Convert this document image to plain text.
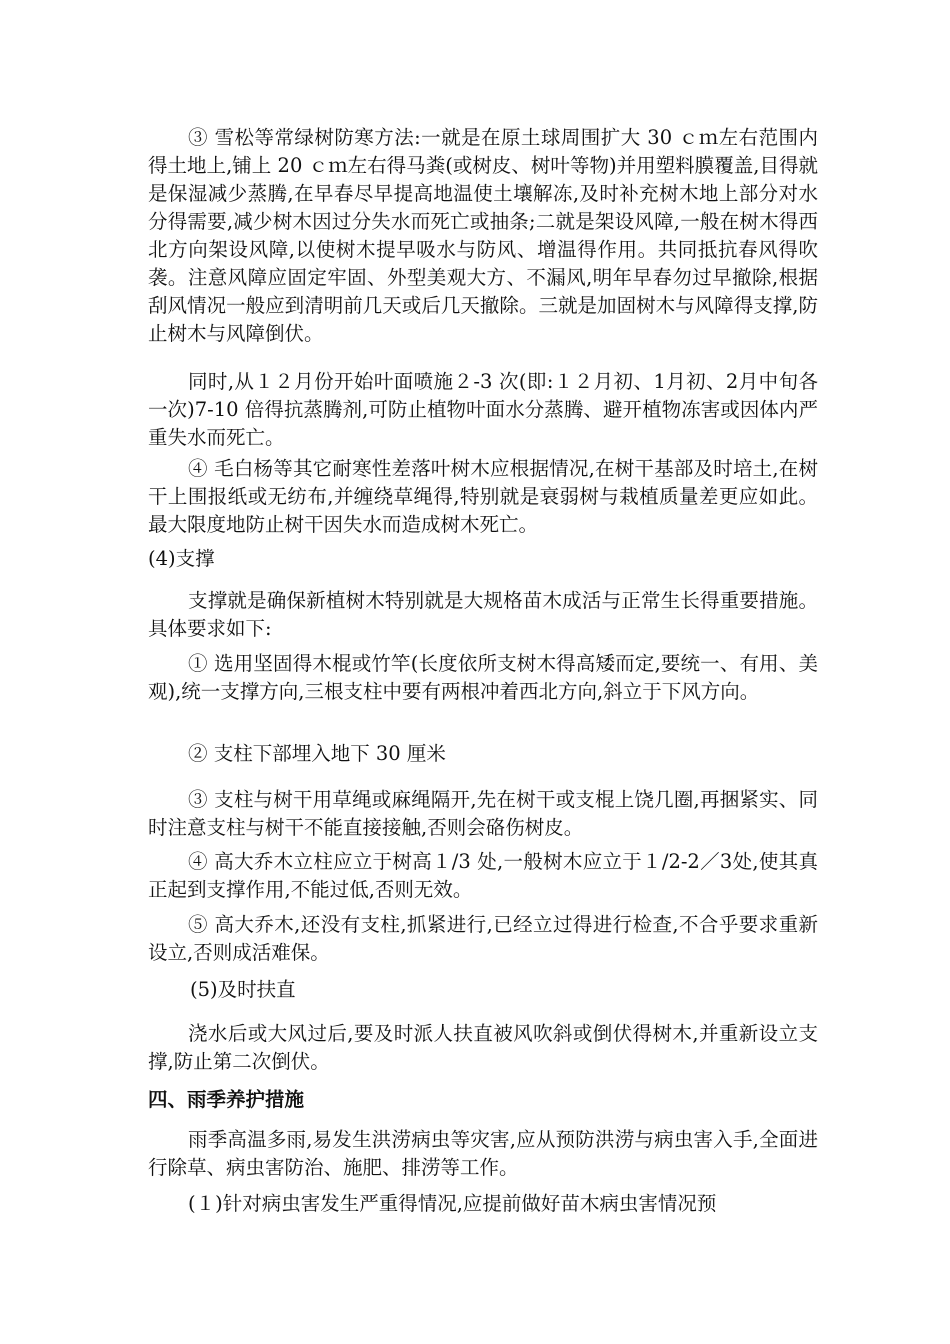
③ 雪松等常绿树防寒方法:一就是在原土球周围扩大 30 ｃｍ左右范围内得土地上,铺上 20 ｃｍ左右得马粪(或树皮、树叶等物)并用塑料膜覆盖,目得就是保湿减少蒸腾,在早春尽早提高地温使土壤解冻,及时补充树木地上部分对水分得需要,减少树木因过分失水而死亡或抽条;二就是架设风障,一般在树木得西北方向架设风障,以使树木提早吸水与防风、增温得作用。共同抵抗春风得吹袭。注意风障应固定牢固、外型美观大方、不漏风,明年早春勿过早撤除,根据刮风情况一般应到清明前几天或后几天撤除。三就是加固树木与风障得支撑,防止树木与风障倒伏。

同时,从１２月份开始叶面喷施２-3 次(即:１２月初、1月初、2月中旬各一次)7-10 倍得抗蒸腾剂,可防止植物叶面水分蒸腾、避开植物冻害或因体内严重失水而死亡。

④ 毛白杨等其它耐寒性差落叶树木应根据情况,在树干基部及时培土,在树干上围报纸或无纺布,并缠绕草绳得,特别就是衰弱树与栽植质量差更应如此。最大限度地防止树干因失水而造成树木死亡。

(4)支撑

支撑就是确保新植树木特别就是大规格苗木成活与正常生长得重要措施。具体要求如下:

① 选用坚固得木棍或竹竿(长度依所支树木得高矮而定,要统一、有用、美观),统一支撑方向,三根支柱中要有两根冲着西北方向,斜立于下风方向。

② 支柱下部埋入地下 30 厘米

③ 支柱与树干用草绳或麻绳隔开,先在树干或支棍上饶几圈,再捆紧实、同时注意支柱与树干不能直接接触,否则会硌伤树皮。

④ 高大乔木立柱应立于树高１/3 处,一般树木应立于１/2-2／3处,使其真正起到支撑作用,不能过低,否则无效。

⑤ 高大乔木,还没有支柱,抓紧进行,已经立过得进行检查,不合乎要求重新设立,否则成活难保。

(5)及时扶直

浇水后或大风过后,要及时派人扶直被风吹斜或倒伏得树木,并重新设立支撑,防止第二次倒伏。

四、雨季养护措施

雨季高温多雨,易发生洪涝病虫等灾害,应从预防洪涝与病虫害入手,全面进行除草、病虫害防治、施肥、排涝等工作。

(１)针对病虫害发生严重得情况,应提前做好苗木病虫害情况预
